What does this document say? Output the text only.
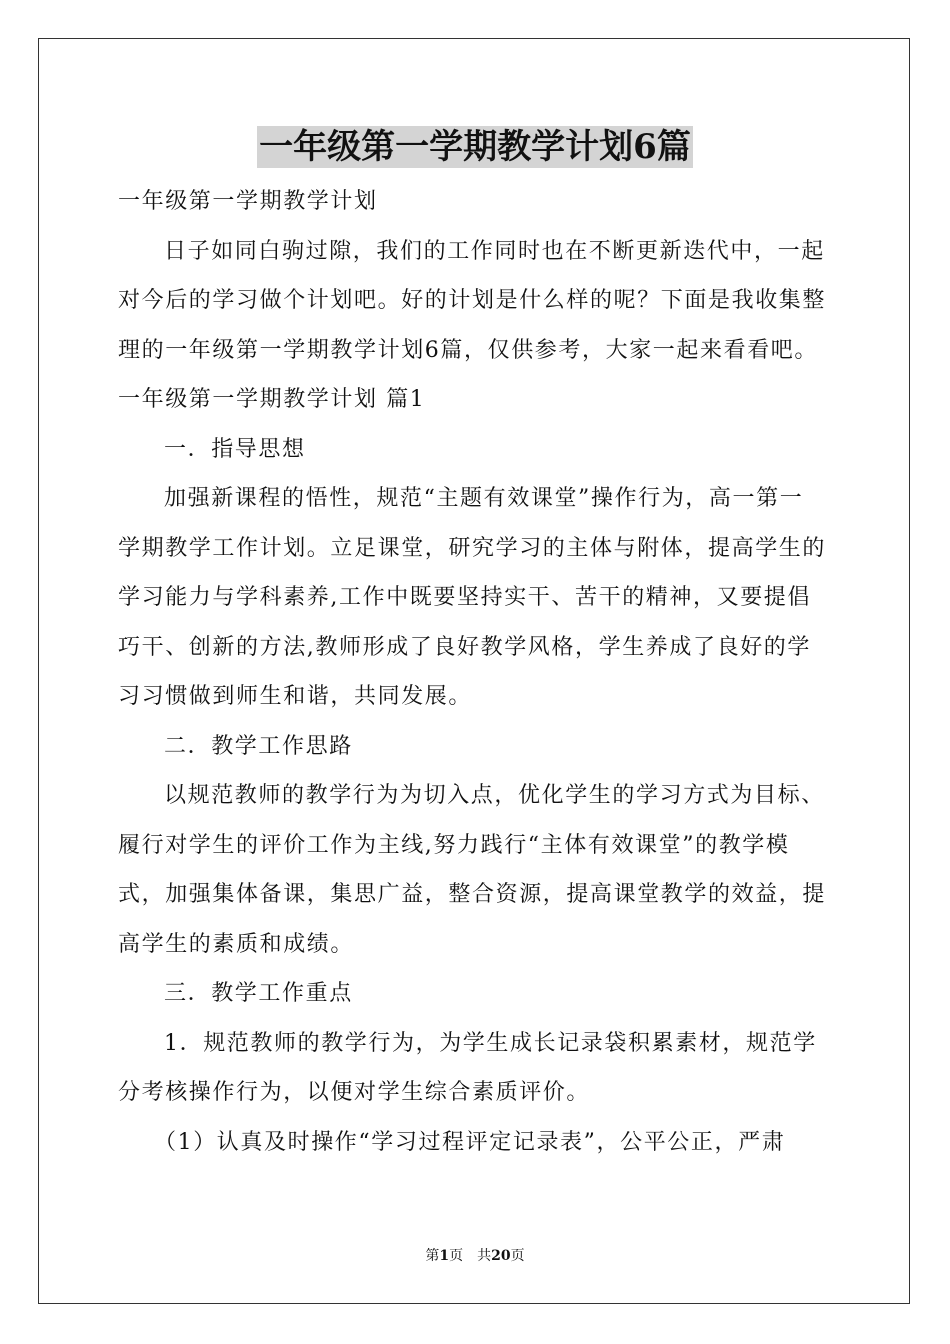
一年级第一学期教学计划6篇
一年级第一学期教学计划
日子如同白驹过隙，我们的工作同时也在不断更新迭代中，一起
对今后的学习做个计划吧。好的计划是什么样的呢？下面是我收集整
理的一年级第一学期教学计划6篇，仅供参考，大家一起来看看吧。
一年级第一学期教学计划 篇1
一．指导思想
加强新课程的悟性，规范“主题有效课堂”操作行为，高一第一
学期教学工作计划。立足课堂，研究学习的主体与附体，提高学生的
学习能力与学科素养,工作中既要坚持实干、苦干的精神，又要提倡
巧干、创新的方法,教师形成了良好教学风格，学生养成了良好的学
习习惯做到师生和谐，共同发展。
二．教学工作思路
以规范教师的教学行为为切入点，优化学生的学习方式为目标、
履行对学生的评价工作为主线,努力践行“主体有效课堂”的教学模
式，加强集体备课，集思广益，整合资源，提高课堂教学的效益，提
高学生的素质和成绩。
三．教学工作重点
1．规范教师的教学行为，为学生成长记录袋积累素材，规范学
分考核操作行为，以便对学生综合素质评价。
（1）认真及时操作“学习过程评定记录表”，公平公正，严肃
第1页　共20页
